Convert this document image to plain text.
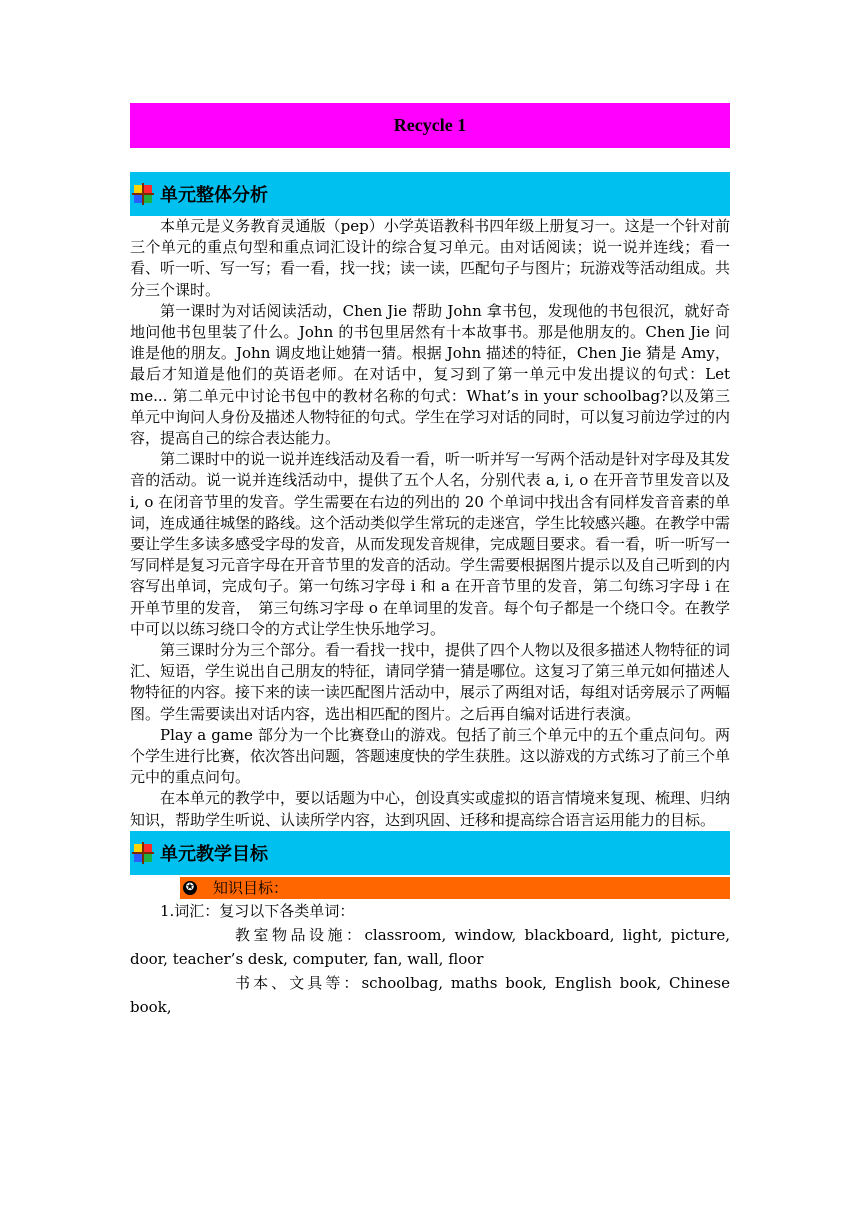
Recycle 1
单元整体分析

本单元是义务教育灵通版（pep）小学英语教科书四年级上册复习一。这是一个针对前三个单元的重点句型和重点词汇设计的综合复习单元。由对话阅读；说一说并连线；看一看、听一听、写一写；看一看，找一找；读一读，匹配句子与图片；玩游戏等活动组成。共分三个课时。

第一课时为对话阅读活动，Chen Jie 帮助 John 拿书包，发现他的书包很沉，就好奇地问他书包里装了什么。John 的书包里居然有十本故事书。那是他朋友的。Chen Jie 问谁是他的朋友。John 调皮地让她猜一猜。根据 John 描述的特征，Chen Jie 猜是 Amy，最后才知道是他们的英语老师。在对话中，复习到了第一单元中发出提议的句式：Let me... 第二单元中讨论书包中的教材名称的句式：What’s in your schoolbag?以及第三单元中询问人身份及描述人物特征的句式。学生在学习对话的同时，可以复习前边学过的内容，提高自己的综合表达能力。

第二课时中的说一说并连线活动及看一看，听一听并写一写两个活动是针对字母及其发音的活动。说一说并连线活动中，提供了五个人名，分别代表 a, i, o 在开音节里发音以及 i, o 在闭音节里的发音。学生需要在右边的列出的 20 个单词中找出含有同样发音音素的单词，连成通往城堡的路线。这个活动类似学生常玩的走迷宫，学生比较感兴趣。在教学中需要让学生多读多感受字母的发音，从而发现发音规律，完成题目要求。看一看，听一听写一写同样是复习元音字母在开音节里的发音的活动。学生需要根据图片提示以及自己听到的内容写出单词，完成句子。第一句练习字母 i 和 a 在开音节里的发音，第二句练习字母 i 在开单节里的发音，　第三句练习字母 o 在单词里的发音。每个句子都是一个绕口令。在教学中可以以练习绕口令的方式让学生快乐地学习。

第三课时分为三个部分。看一看找一找中，提供了四个人物以及很多描述人物特征的词汇、短语，学生说出自己朋友的特征，请同学猜一猜是哪位。这复习了第三单元如何描述人物特征的内容。接下来的读一读匹配图片活动中，展示了两组对话，每组对话旁展示了两幅图。学生需要读出对话内容，选出相匹配的图片。之后再自编对话进行表演。

Play a game 部分为一个比赛登山的游戏。包括了前三个单元中的五个重点问句。两个学生进行比赛，依次答出问题，答题速度快的学生获胜。这以游戏的方式练习了前三个单元中的重点问句。

在本单元的教学中，要以话题为中心，创设真实或虚拟的语言情境来复现、梳理、归纳知识，帮助学生听说、认读所学内容，达到巩固、迁移和提高综合语言运用能力的目标。

单元教学目标
✪ 知识目标：

1.词汇：复习以下各类单词：

教室物品设施：classroom, window, blackboard, light, picture, door, teacher’s desk, computer, fan, wall, floor

书本、文具等：schoolbag, maths book, English book, Chinese book,
